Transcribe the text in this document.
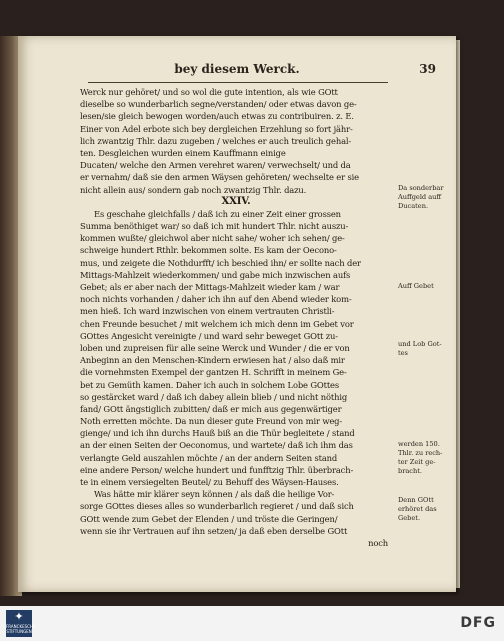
bey diesem Werck.	39
Werck nur gehöret/ und so wol die gute intention, als wie GOtt
dieselbe so wunderbarlich segne/verstanden/ oder etwas davon ge-
lesen/sie gleich bewogen worden/auch etwas zu contribuiren. z. E.
Einer von Adel erbote sich bey dergleichen Erzehlung so fort jähr-
lich zwantzig Thlr. dazu zugeben / welches er auch treulich gehal-
ten. Desgleichen wurden einem Kauffmann einige
Ducaten/ welche den Armen verehret waren/ verwechselt/ und da
er vernahm/ daß sie den armen Wäysen gehöreten/ wechselte er sie
nicht allein aus/ sondern gab noch zwantzig Thlr. dazu.
XXIV.
Es geschahe gleichfalls / daß ich zu einer Zeit einer grossen
Summa benöthiget war/ so daß ich mit hundert Thlr. nicht auszu-
kommen wußte/ gleichwol aber nicht sahe/ woher ich sehen/ ge-
schweige hundert Rthlr. bekommen solte. Es kam der Oecono-
mus, und zeigete die Nothdurfft/ ich beschied ihn/ er sollte nach der
Mittags-Mahlzeit wiederkommen/ und gabe mich inzwischen aufs
Gebet; als er aber nach der Mittags-Mahlzeit wieder kam / war
noch nichts vorhanden / daher ich ihn auf den Abend wieder kom-
men hieß. Ich ward inzwischen von einem vertrauten Christli-
chen Freunde besuchet / mit welchem ich mich denn im Gebet vor
GOttes Angesicht vereinigte / und ward sehr beweget GOtt zu-
loben und zupreisen für alle seine Werck und Wunder / die er von
Anbeginn an den Menschen-Kindern erwiesen hat / also daß mir
die vornehmsten Exempel der gantzen H. Schrifft in meinem Ge-
bet zu Gemüth kamen. Daher ich auch in solchem Lobe GOttes
so gestärcket ward / daß ich dabey allein blieb / und nicht nöthig
fand/ GOtt ängstiglich zubitten/ daß er mich aus gegenwärtiger
Noth erretten möchte. Da nun dieser gute Freund von mir weg-
gienge/ und ich ihn durchs Hauß biß an die Thür begleitete / stand
an der einen Seiten der Oeconomus, und wartete/ daß ich ihm das
verlangte Geld auszahlen möchte / an der andern Seiten stand
eine andere Person/ welche hundert und funfftzig Thlr. überbrach-
te in einem versiegelten Beutel/ zu Behuff des Wäysen-Hauses.
Was hätte mir klärer seyn können / als daß die heilige Vor-
sorge GOttes dieses alles so wunderbarlich regieret / und daß sich
GOtt wende zum Gebet der Elenden / und tröste die Geringen/
wenn sie ihr Vertrauen auf ihn setzen/ ja daß eben derselbe GOtt
noch
Da sonderbar
Auffgeld auff
Ducaten.
Auff Gebet
und Lob Got-
tes
werden 150.
Thlr. zu rech-
ter Zeit ge-
bracht.
Denn GOtt
erhöret das
Gebet.
✦
FRANCKESCHE STIFTUNGEN
DFG
